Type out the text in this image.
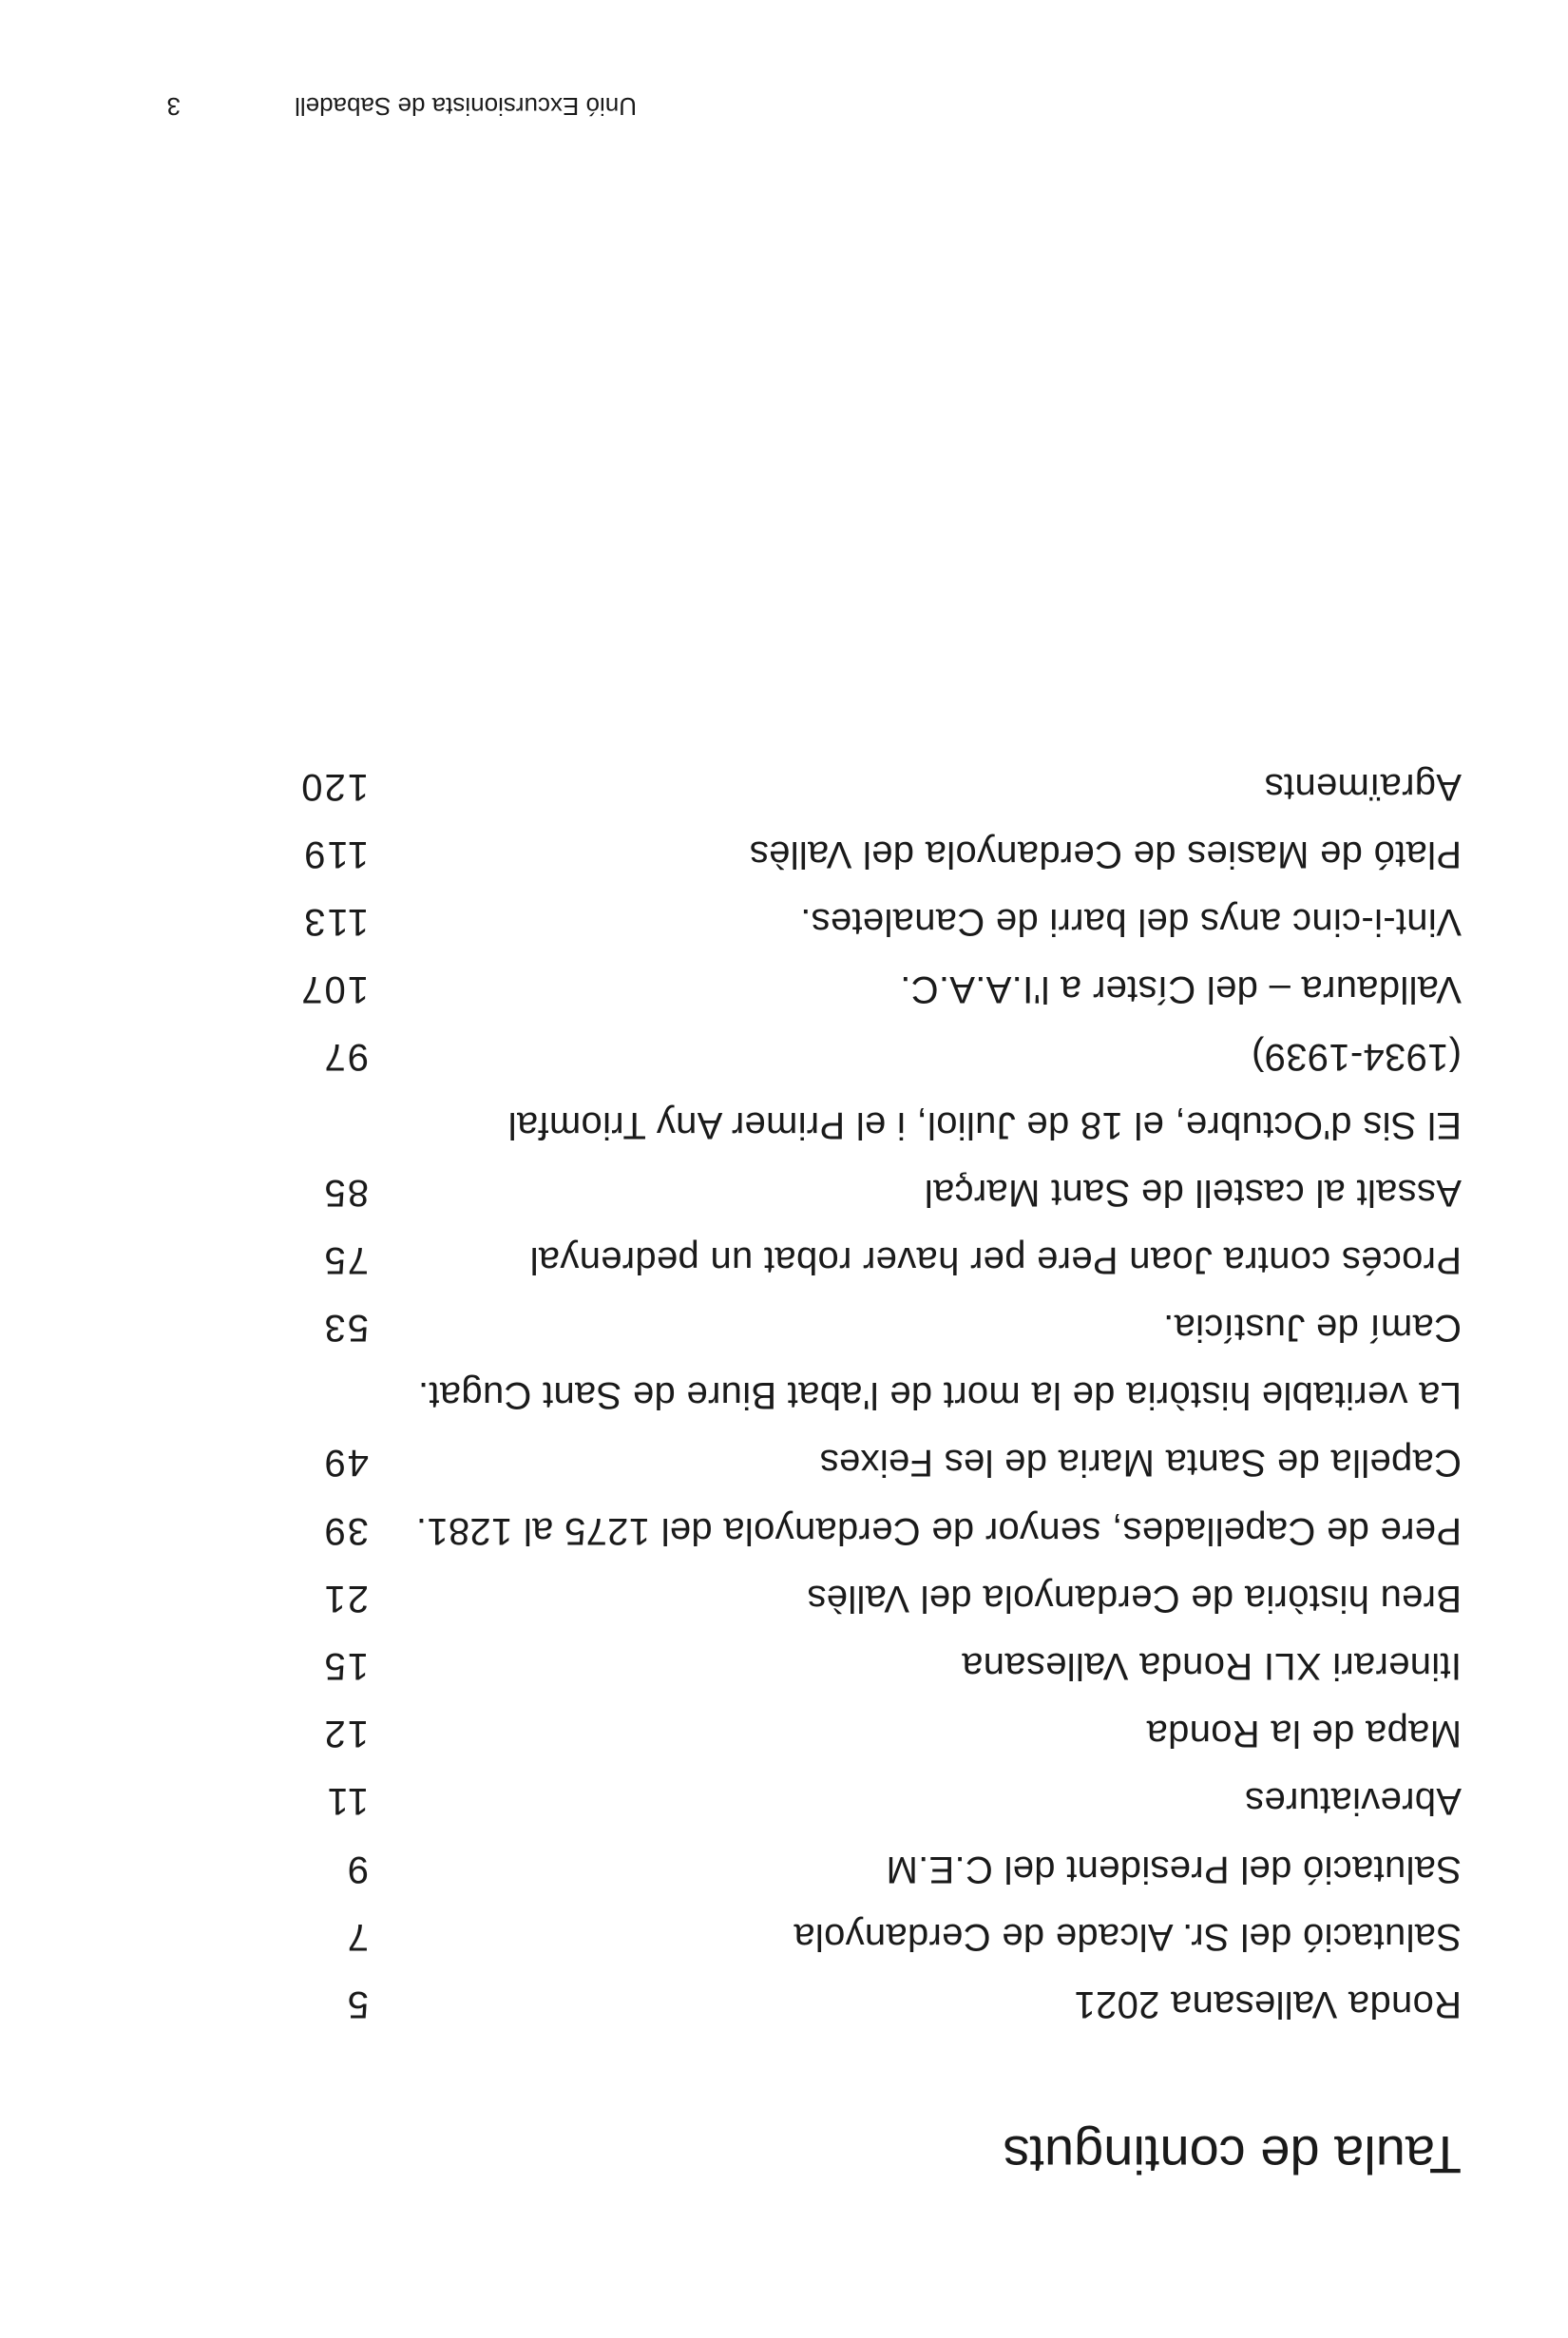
Taula de continguts
Ronda Vallesana 2021
5
Salutació del Sr. Alcade de Cerdanyola
7
Salutació del President del C.E.M
9
Abreviatures
11
Mapa de la Ronda
12
Itinerari XLI Ronda Vallesana
15
Breu història de Cerdanyola del Vallès
21
Pere de Capellades, senyor de Cerdanyola del 1275 al 1281.
39
Capella de Santa Maria de les Feixes
49
La veritable història de la mort de l'abat Biure de Sant Cugat.
Camí de Justícia.
53
Procés contra Joan Pere per haver robat un pedrenyal
75
Assalt al castell de Sant Marçal
85
El Sis d'Octubre, el 18 de Juliol, i el Primer Any Triomfal
(1934-1939)
97
Valldaura – del Císter a l'I.A.A.C.
107
Vint-i-cinc anys del barri de Canaletes.
113
Plató de Masies de Cerdanyola del Vallès
119
Agraïments
120
Unió Excursionista de Sabadell
3
